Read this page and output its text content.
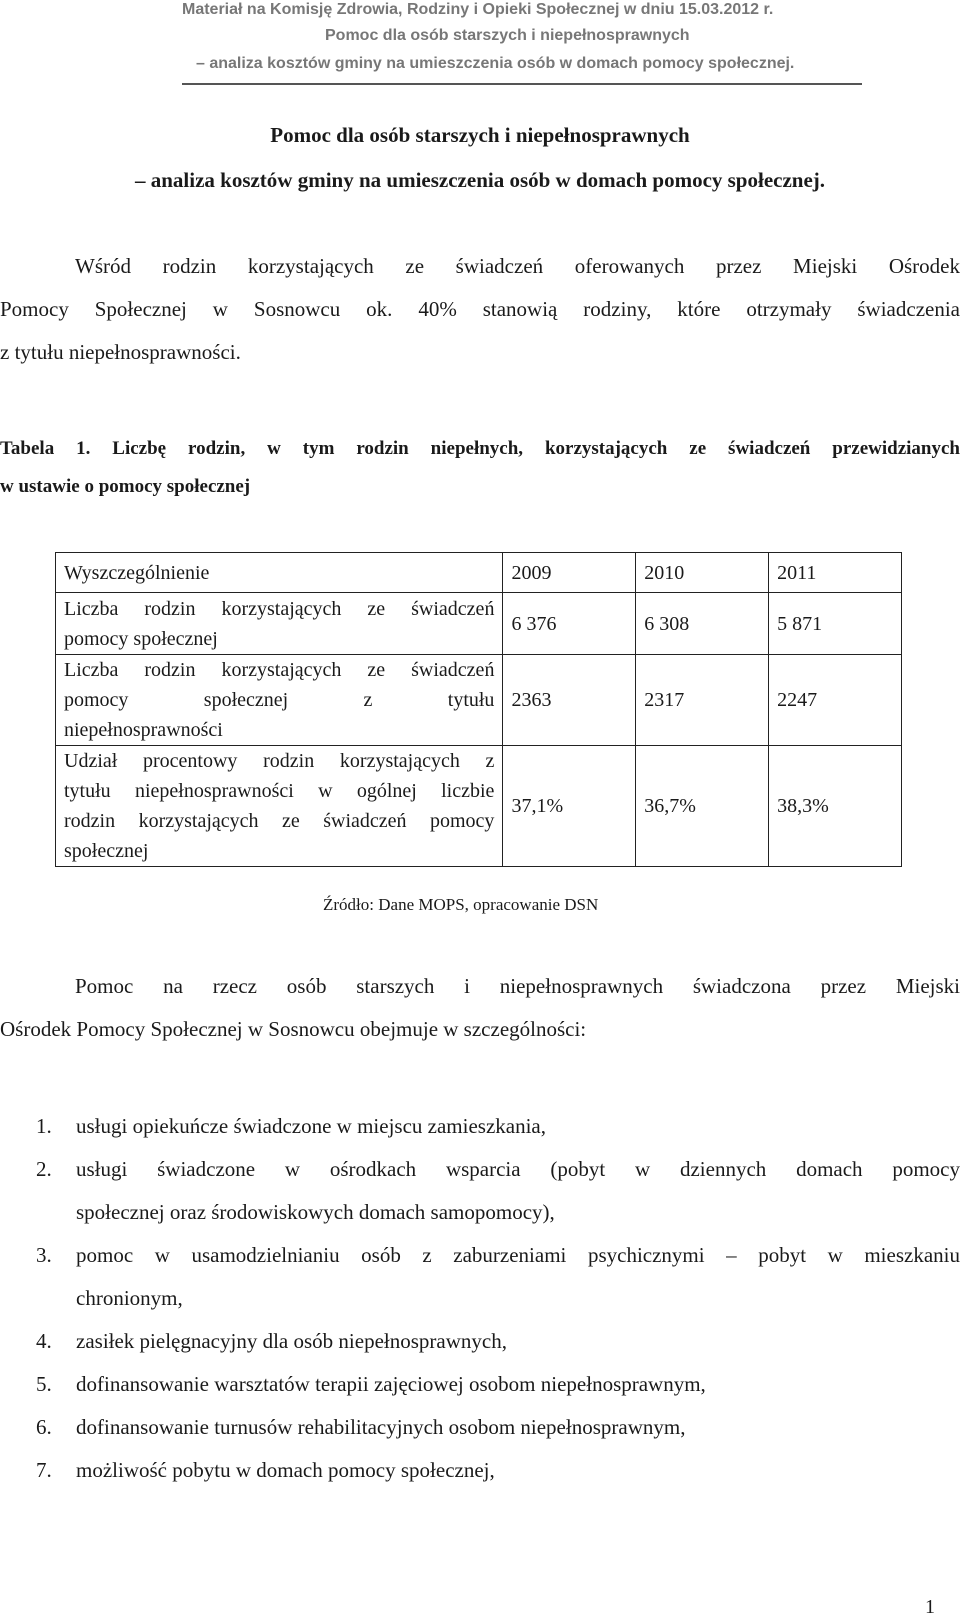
Materiał na Komisję Zdrowia, Rodziny i Opieki Społecznej w dniu 15.03.2012 r.
Pomoc dla osób starszych i niepełnosprawnych
– analiza kosztów gminy na umieszczenia osób w domach pomocy społecznej.
Pomoc dla osób starszych i niepełnosprawnych
– analiza kosztów gminy na umieszczenia osób w domach pomocy społecznej.
Wśród rodzin korzystających ze świadczeń oferowanych przez Miejski Ośrodek
Pomocy Społecznej w Sosnowcu ok. 40% stanowią rodziny, które otrzymały świadczenia
z tytułu niepełnosprawności.
Tabela 1. Liczbę rodzin, w tym rodzin niepełnych, korzystających ze świadczeń przewidzianych
w ustawie o pomocy społecznej
Wyszczególnienie	2009	2010	2011

Liczba rodzin korzystających ze świadczeń
pomocy społecznej	6 376	6 308	5 871

Liczba rodzin korzystających ze świadczeń
pomocy społecznej z tytułu
niepełnosprawności	2363	2317	2247

Udział procentowy rodzin korzystających z
tytułu niepełnosprawności w ogólnej liczbie
rodzin korzystających ze świadczeń pomocy
społecznej	37,1%	36,7%	38,3%
Źródło: Dane MOPS, opracowanie DSN
Pomoc na rzecz osób starszych i niepełnosprawnych świadczona przez Miejski
Ośrodek Pomocy Społecznej w Sosnowcu obejmuje w szczególności:
1. usługi opiekuńcze świadczone w miejscu zamieszkania,
2. usługi świadczone w ośrodkach wsparcia (pobyt w dziennych domach pomocy
społecznej oraz środowiskowych domach samopomocy),
3. pomoc w usamodzielnianiu osób z zaburzeniami psychicznymi – pobyt w mieszkaniu
chronionym,
4. zasiłek pielęgnacyjny dla osób niepełnosprawnych,
5. dofinansowanie warsztatów terapii zajęciowej osobom niepełnosprawnym,
6. dofinansowanie turnusów rehabilitacyjnych osobom niepełnosprawnym,
7. możliwość pobytu w domach pomocy społecznej,
1
